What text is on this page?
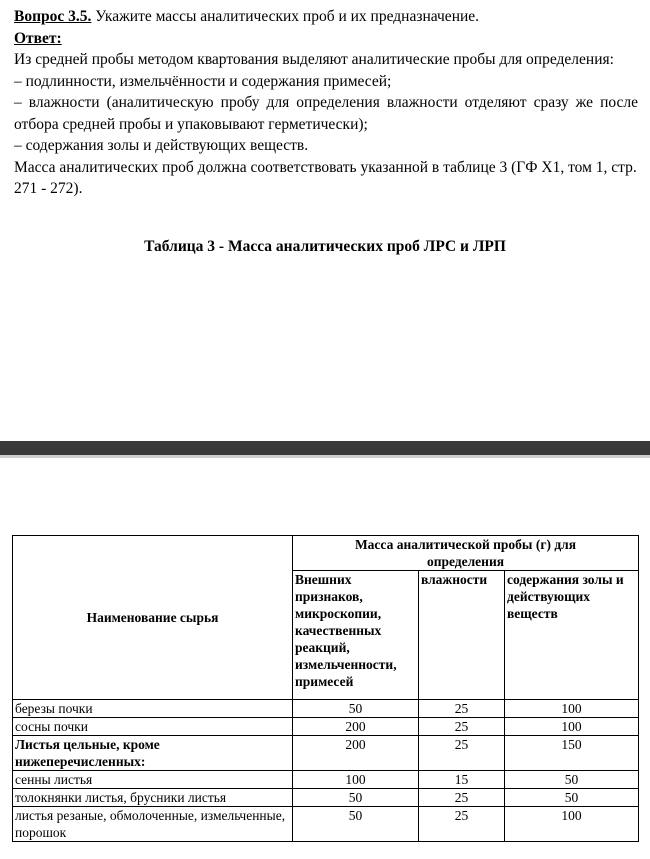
Вопрос 3.5. Укажите массы аналитических проб и их предназначение.

Ответ:

Из средней пробы методом квартования выделяют аналитические пробы для определения:

– подлинности, измельчённости и содержания примесей;

– влажности (аналитическую пробу для определения влажности отделяют сразу же после отбора средней пробы и упаковывают герметически);

– содержания золы и действующих веществ.

Масса аналитических проб должна соответствовать указанной в таблице 3 (ГФ X1, том 1, стр. 271 - 272).

Таблица 3 - Масса аналитических проб ЛРС и ЛРП
Наименование сырья	Масса аналитической пробы (г) для определения		
	Внешних признаков, микроскопии, качественных реакций, измельченности, примесей	влажности	содержания золы и действующих веществ
березы почки	50	25	100
сосны почки	200	25	100
Листья цельные, кроме нижеперечисленных:	200	25	150
сенны листья	100	15	50
толокнянки листья, брусники листья	50	25	50
листья резаные, обмолоченные, измельченные, порошок	50	25	100
